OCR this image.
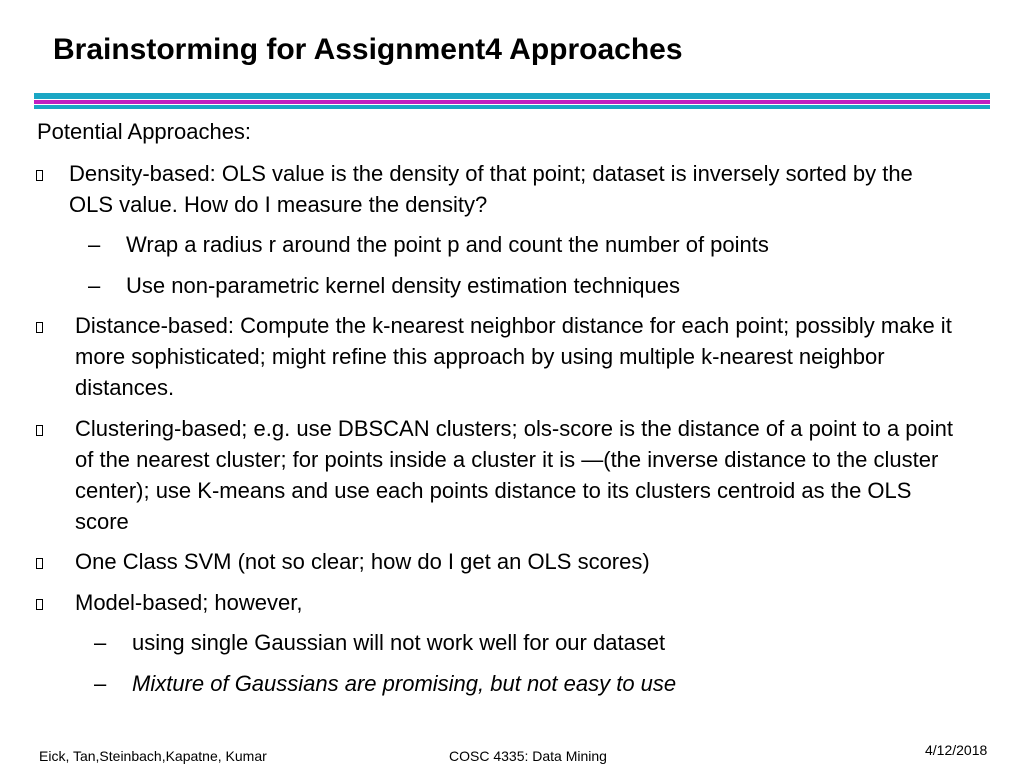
Brainstorming for Assignment4 Approaches
Potential Approaches:
Density-based: OLS value is the density of that point; dataset is inversely sorted by the OLS value. How do I measure the density?
– Wrap a radius r around the point p and count the number of points
– Use non-parametric kernel density estimation techniques
Distance-based: Compute the k-nearest neighbor distance for each point; possibly make it more sophisticated; might refine this approach by using multiple k-nearest neighbor distances.
Clustering-based; e.g. use DBSCAN clusters; ols-score is the distance of a point to a point of the nearest cluster; for points inside a cluster it is —(the inverse distance to the cluster center); use K-means and use each points distance to its clusters centroid as the OLS score
One Class SVM (not so clear; how do I get an OLS scores)
Model-based; however,
– using single Gaussian will not work well for our dataset
– Mixture of Gaussians are promising, but not easy to use
Eick, Tan,Steinbach,Kapatne, Kumar	COSC 4335: Data Mining	4/12/2018
